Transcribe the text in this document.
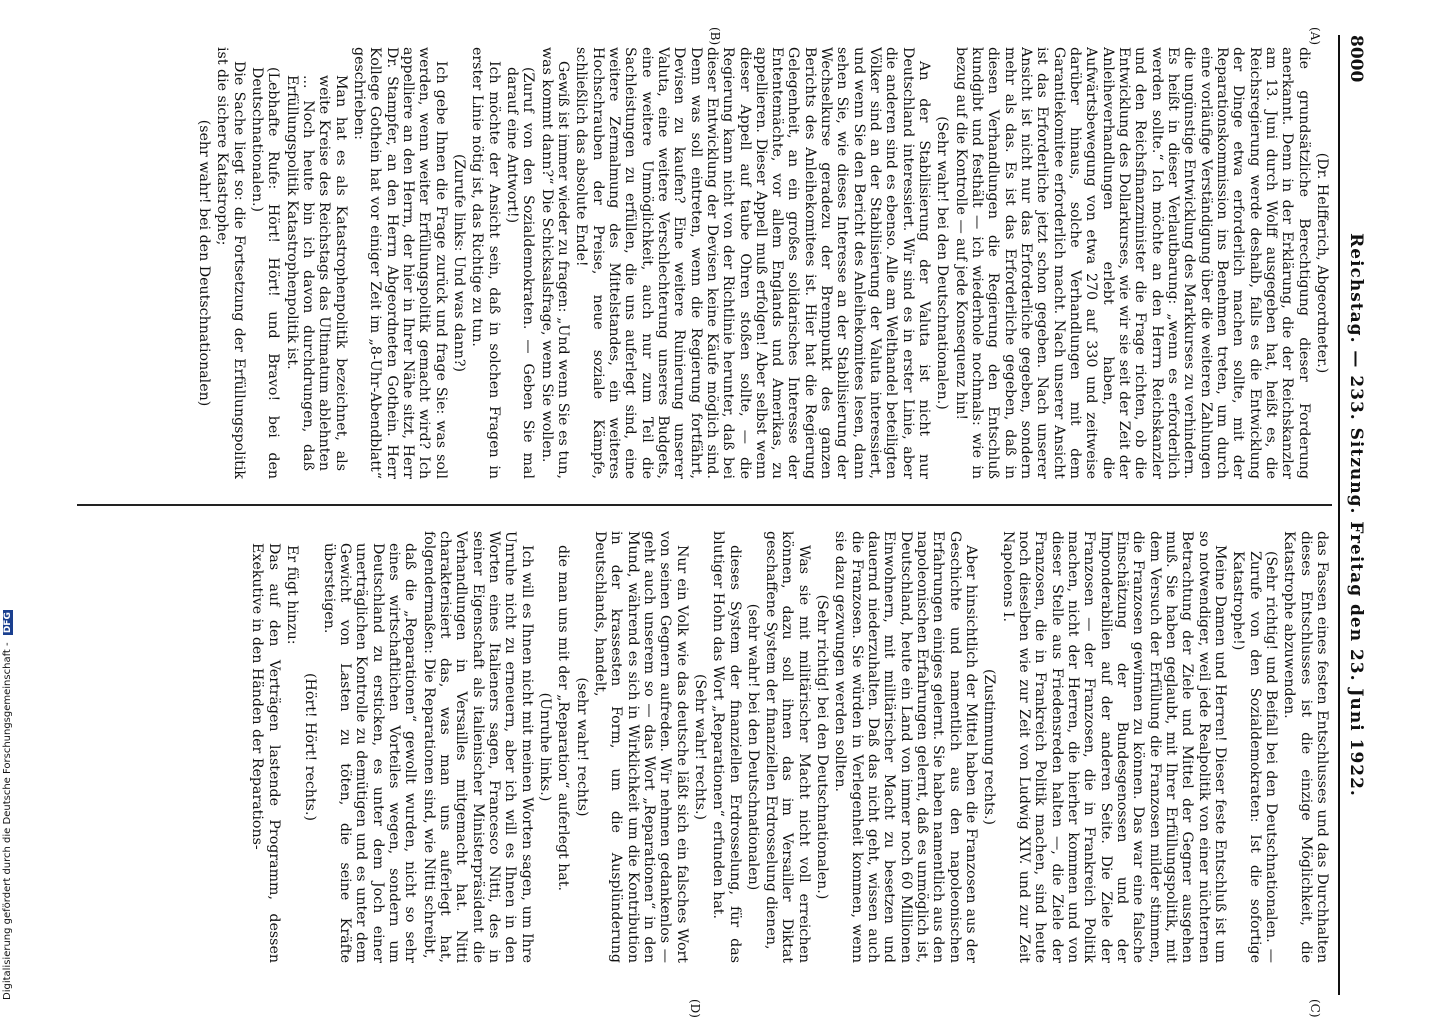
8000
Reichstag. — 233. Sitzung. Freitag den 23. Juni 1922.
(A)
(B)
(C)
(D)

(Dr. Helfferich, Abgeordneter.)

die grundsätzliche Berechtigung dieser Forderung anerkannt. Denn in der Erklärung, die der Reichskanzler am 13. Juni durch Wolff ausgegeben hat, heißt es, die Reichsregierung werde deshalb, falls es die Entwicklung der Dinge etwa erforderlich machen sollte, mit der Reparationskommission ins Benehmen treten, um durch eine vorläufige Verständigung über die weiteren Zahlungen die ungünstige Entwicklung des Markkurses zu verhindern. Es heißt in dieser Verlautbarung: „wenn es erforderlich werden sollte.“ Ich möchte an den Herrn Reichskanzler und den Reichsfinanzminister die Frage richten, ob die Entwicklung des Dollarkurses, wie wir sie seit der Zeit der Anleiheverhandlungen erlebt haben, die Aufwärtsbewegung von etwa 270 auf 330 und zeitweise darüber hinaus, solche Verhandlungen mit dem Garantiekomitee erforderlich macht. Nach unserer Ansicht ist das Erforderliche jetzt schon gegeben. Nach unserer Ansicht ist nicht nur das Erforderliche gegeben, sondern mehr als das. Es ist das Erforderliche gegeben, daß in diesen Verhandlungen die Regierung den Entschluß kundgibt und festhält — ich wiederhole nochmals: wie in bezug auf die Kontrolle — auf jede Konsequenz hin!

(Sehr wahr! bei den Deutschnationalen.)

An der Stabilisierung der Valuta ist nicht nur Deutschland interessiert. Wir sind es in erster Linie, aber die anderen sind es ebenso. Alle am Welthandel beteiligten Völker sind an der Stabilisierung der Valuta interessiert, und wenn Sie den Bericht des Anleihekomitees lesen, dann sehen Sie, wie dieses Interesse an der Stabilisierung der Wechselkurse geradezu der Brennpunkt des ganzen Berichts des Anleihekomitees ist. Hier hat die Regierung Gelegenheit, an ein großes solidarisches Interesse der Ententemächte, vor allem Englands und Amerikas, zu appellieren. Dieser Appell muß erfolgen! Aber selbst wenn dieser Appell auf taube Ohren stoßen sollte, — die Regierung kann nicht von der Richtlinie herunter, daß bei dieser Entwicklung der Devisen keine Käufe möglich sind. Denn was soll eintreten, wenn die Regierung fortfährt, Devisen zu kaufen? Eine weitere Ruinierung unserer Valuta, eine weitere Verschlechterung unseres Budgets, eine weitere Unmöglichkeit, auch nur zum Teil die Sachleistungen zu erfüllen, die uns auferlegt sind, eine weitere Zermalmung des Mittelstandes, ein weiteres Hochschrauben der Preise, neue soziale Kämpfe, schließlich das absolute Ende!

Gewiß ist immer wieder zu fragen: „Und wenn Sie es tun, was kommt dann?“ Die Schicksalsfrage, wenn Sie wollen.

(Zuruf von den Sozialdemokraten. — Geben Sie mal darauf eine Antwort!)

Ich möchte der Ansicht sein, daß in solchen Fragen in erster Linie nötig ist, das Richtige zu tun.

(Zurufe links: Und was dann?)

Ich gebe Ihnen die Frage zurück und frage Sie: was soll werden, wenn weiter Erfüllungspolitik gemacht wird? Ich appelliere an den Herrn, der hier in Ihrer Nähe sitzt, Herr Dr. Stampfer, an den Herrn Abgeordneten Gothein. Herr Kollege Gothein hat vor einiger Zeit im „8-Uhr-Abendblatt“ geschrieben:

Man hat es als Katastrophenpolitik bezeichnet, als weite Kreise des Reichstags das Ultimatum ablehnten ... Noch heute bin ich davon durchdrungen, daß Erfüllungspolitik Katastrophenpolitik ist.

(Lebhafte Rufe: Hört! Hört! und Bravo! bei den Deutschnationalen.)

Die Sache liegt so: die Fortsetzung der Erfüllungspolitik ist die sichere Katastrophe;

(sehr wahr! bei den Deutschnationalen)

das Fassen eines festen Entschlusses und das Durchhalten dieses Entschlusses ist die einzige Möglichkeit, die Katastrophe abzuwenden.

(Sehr richtig! und Beifall bei den Deutschnationalen. — Zurufe von den Sozialdemokraten: Ist die sofortige Katastrophe!)

Meine Damen und Herren! Dieser feste Entschluß ist um so notwendiger, weil jede Realpolitik von einer nüchternen Betrachtung der Ziele und Mittel der Gegner ausgehen muß. Sie haben geglaubt, mit Ihrer Erfüllungspolitik, mit dem Versuch der Erfüllung die Franzosen milder stimmen, die Franzosen gewinnen zu können. Das war eine falsche Einschätzung der Bundesgenossen und der Imponderabilien auf der anderen Seite. Die Ziele der Franzosen — der Franzosen, die in Frankreich Politik machen, nicht der Herren, die hierher kommen und von dieser Stelle aus Friedensreden halten —, die Ziele der Franzosen, die in Frankreich Politik machen, sind heute noch dieselben wie zur Zeit von Ludwig XIV. und zur Zeit Napoleons I.

(Zustimmung rechts.)

Aber hinsichtlich der Mittel haben die Franzosen aus der Geschichte und namentlich aus den napoleonischen Erfahrungen einiges gelernt. Sie haben namentlich aus den napoleonischen Erfahrungen gelernt, daß es unmöglich ist, Deutschland, heute ein Land von immer noch 60 Millionen Einwohnern, mit militärischer Macht zu besetzen und dauernd niederzuhalten. Daß das nicht geht, wissen auch die Franzosen. Sie würden in Verlegenheit kommen, wenn sie dazu gezwungen werden sollten.

(Sehr richtig! bei den Deutschnationalen.)

Was sie mit militärischer Macht nicht voll erreichen können, dazu soll ihnen das im Versailler Diktat geschaffene System der finanziellen Erdrosselung dienen,

(sehr wahr! bei den Deutschnationalen)

dieses System der finanziellen Erdrosselung, für das blutiger Hohn das Wort „Reparationen“ erfunden hat.

(Sehr wahr! rechts.)

Nur ein Volk wie das deutsche läßt sich ein falsches Wort von seinen Gegnern aufreden. Wir nehmen gedankenlos — geht auch unserem so — das Wort „Reparationen“ in den Mund, während es sich in Wirklichkeit um die Kontribution in der krassesten Form, um die Ausplünderung Deutschlands, handelt,

(sehr wahr! rechts)

die man uns mit der „Reparation“ auferlegt hat.

(Unruhe links.)

Ich will es Ihnen nicht mit meinen Worten sagen, um Ihre Unruhe nicht zu erneuern, aber ich will es Ihnen in den Worten eines Italieners sagen, Francesco Nitti, des in seiner Eigenschaft als italienischer Ministerpräsident die Verhandlungen in Versailles mitgemacht hat. Nitti charakterisiert das, was man uns auferlegt hat, folgendermaßen: Die Reparationen sind, wie Nitti schreibt,

daß die „Reparationen“ gewollt wurden, nicht so sehr eines wirtschaftlichen Vorteiles wegen, sondern um Deutschland zu ersticken, es unter dem Joch einer unerträglichen Kontrolle zu demütigen und es unter dem Gewicht von Lasten zu töten, die seine Kräfte übersteigen.

(Hört! Hört! rechts.)

Er fügt hinzu:

Das auf den Verträgen lastende Programm, dessen Exekutive in den Händen der Reparations-

Digitalisierung gefördert durch die Deutsche Forschungsgemeinschaft - DFG
